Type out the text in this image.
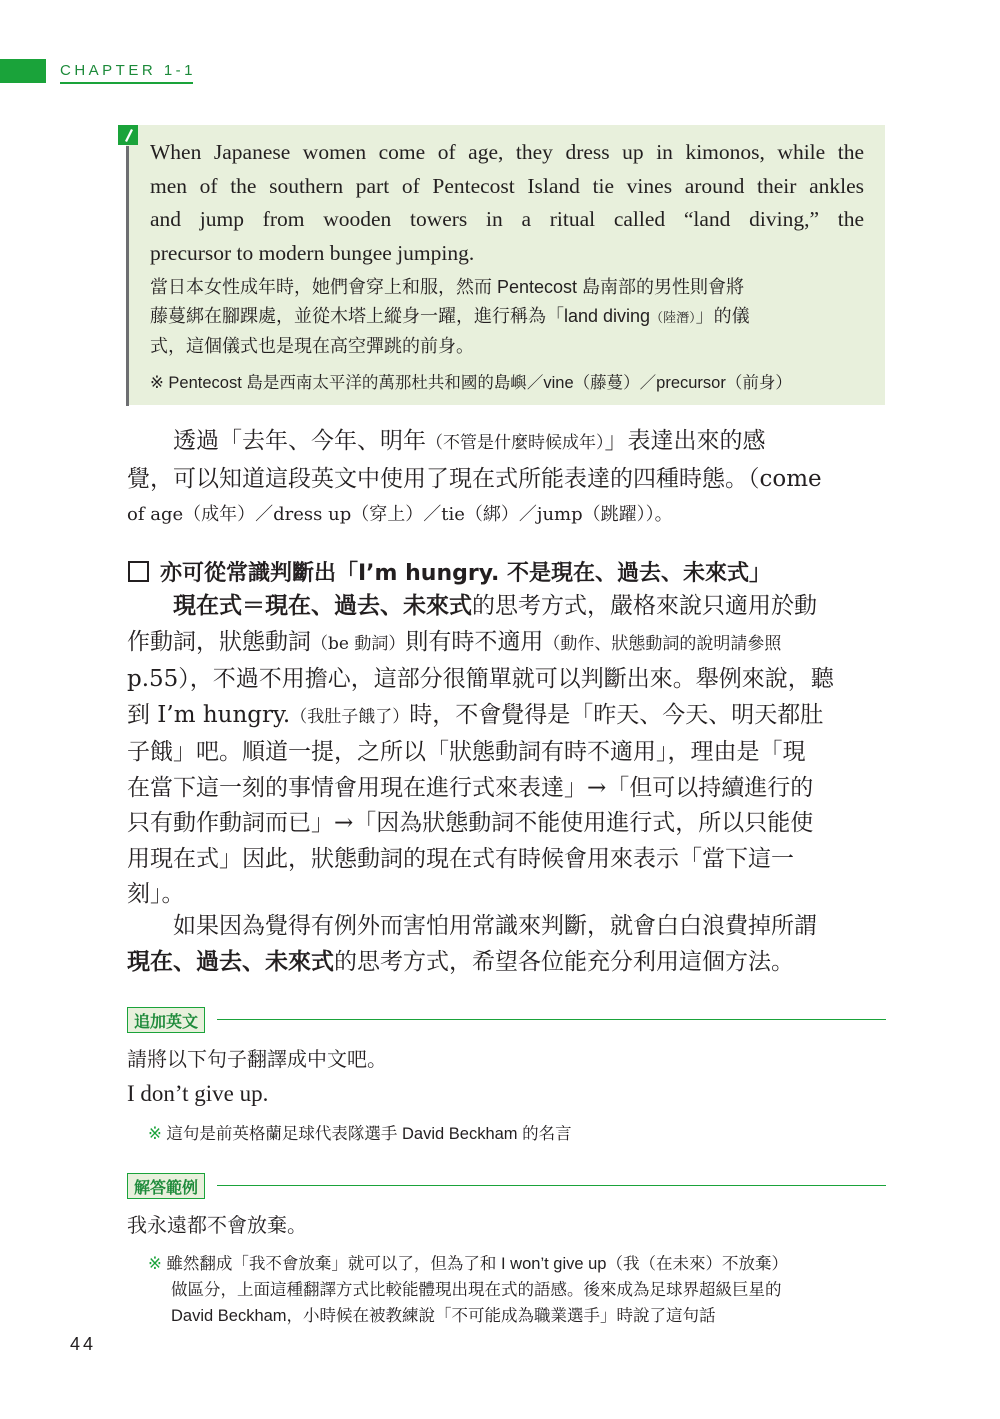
CHAPTER 1-1
When Japanese women come of age, they dress up in kimonos, while the
men of the southern part of Pentecost Island tie vines around their ankles
and jump from wooden towers in a ritual called “land diving,” the
precursor to modern bungee jumping.
當日本女性成年時，她們會穿上和服，然而 Pentecost 島南部的男性則會將
藤蔓綁在腳踝處，並從木塔上縱身一躍，進行稱為「land diving（陸潛）」的儀
式，這個儀式也是現在高空彈跳的前身。
※ Pentecost 島是西南太平洋的萬那杜共和國的島嶼／vine（藤蔓）／precursor（前身）
透過「去年、今年、明年（不管是什麼時候成年）」表達出來的感
覺，可以知道這段英文中使用了現在式所能表達的四種時態。（come
of age（成年）／dress up（穿上）／tie（綁）／jump（跳躍））。
亦可從常識判斷出「I’m hungry. 不是現在、過去、未來式」
現在式＝現在、過去、未來式的思考方式，嚴格來說只適用於動
作動詞，狀態動詞（be 動詞）則有時不適用（動作、狀態動詞的說明請參照
p.55），不過不用擔心，這部分很簡單就可以判斷出來。舉例來說，聽
到 I’m hungry.（我肚子餓了）時，不會覺得是「昨天、今天、明天都肚
子餓」吧。順道一提，之所以「狀態動詞有時不適用」，理由是「現
在當下這一刻的事情會用現在進行式來表達」→「但可以持續進行的
只有動作動詞而已」→「因為狀態動詞不能使用進行式，所以只能使
用現在式」因此，狀態動詞的現在式有時候會用來表示「當下這一
刻」。
如果因為覺得有例外而害怕用常識來判斷，就會白白浪費掉所謂
現在、過去、未來式的思考方式，希望各位能充分利用這個方法。
追加英文
請將以下句子翻譯成中文吧。
I don’t give up.
※ 這句是前英格蘭足球代表隊選手 David Beckham 的名言
解答範例
我永遠都不會放棄。
※ 雖然翻成「我不會放棄」就可以了，但為了和 I won’t give up（我（在未來）不放棄）
做區分，上面這種翻譯方式比較能體現出現在式的語感。後來成為足球界超級巨星的
David Beckham，小時候在被教練說「不可能成為職業選手」時說了這句話
44
